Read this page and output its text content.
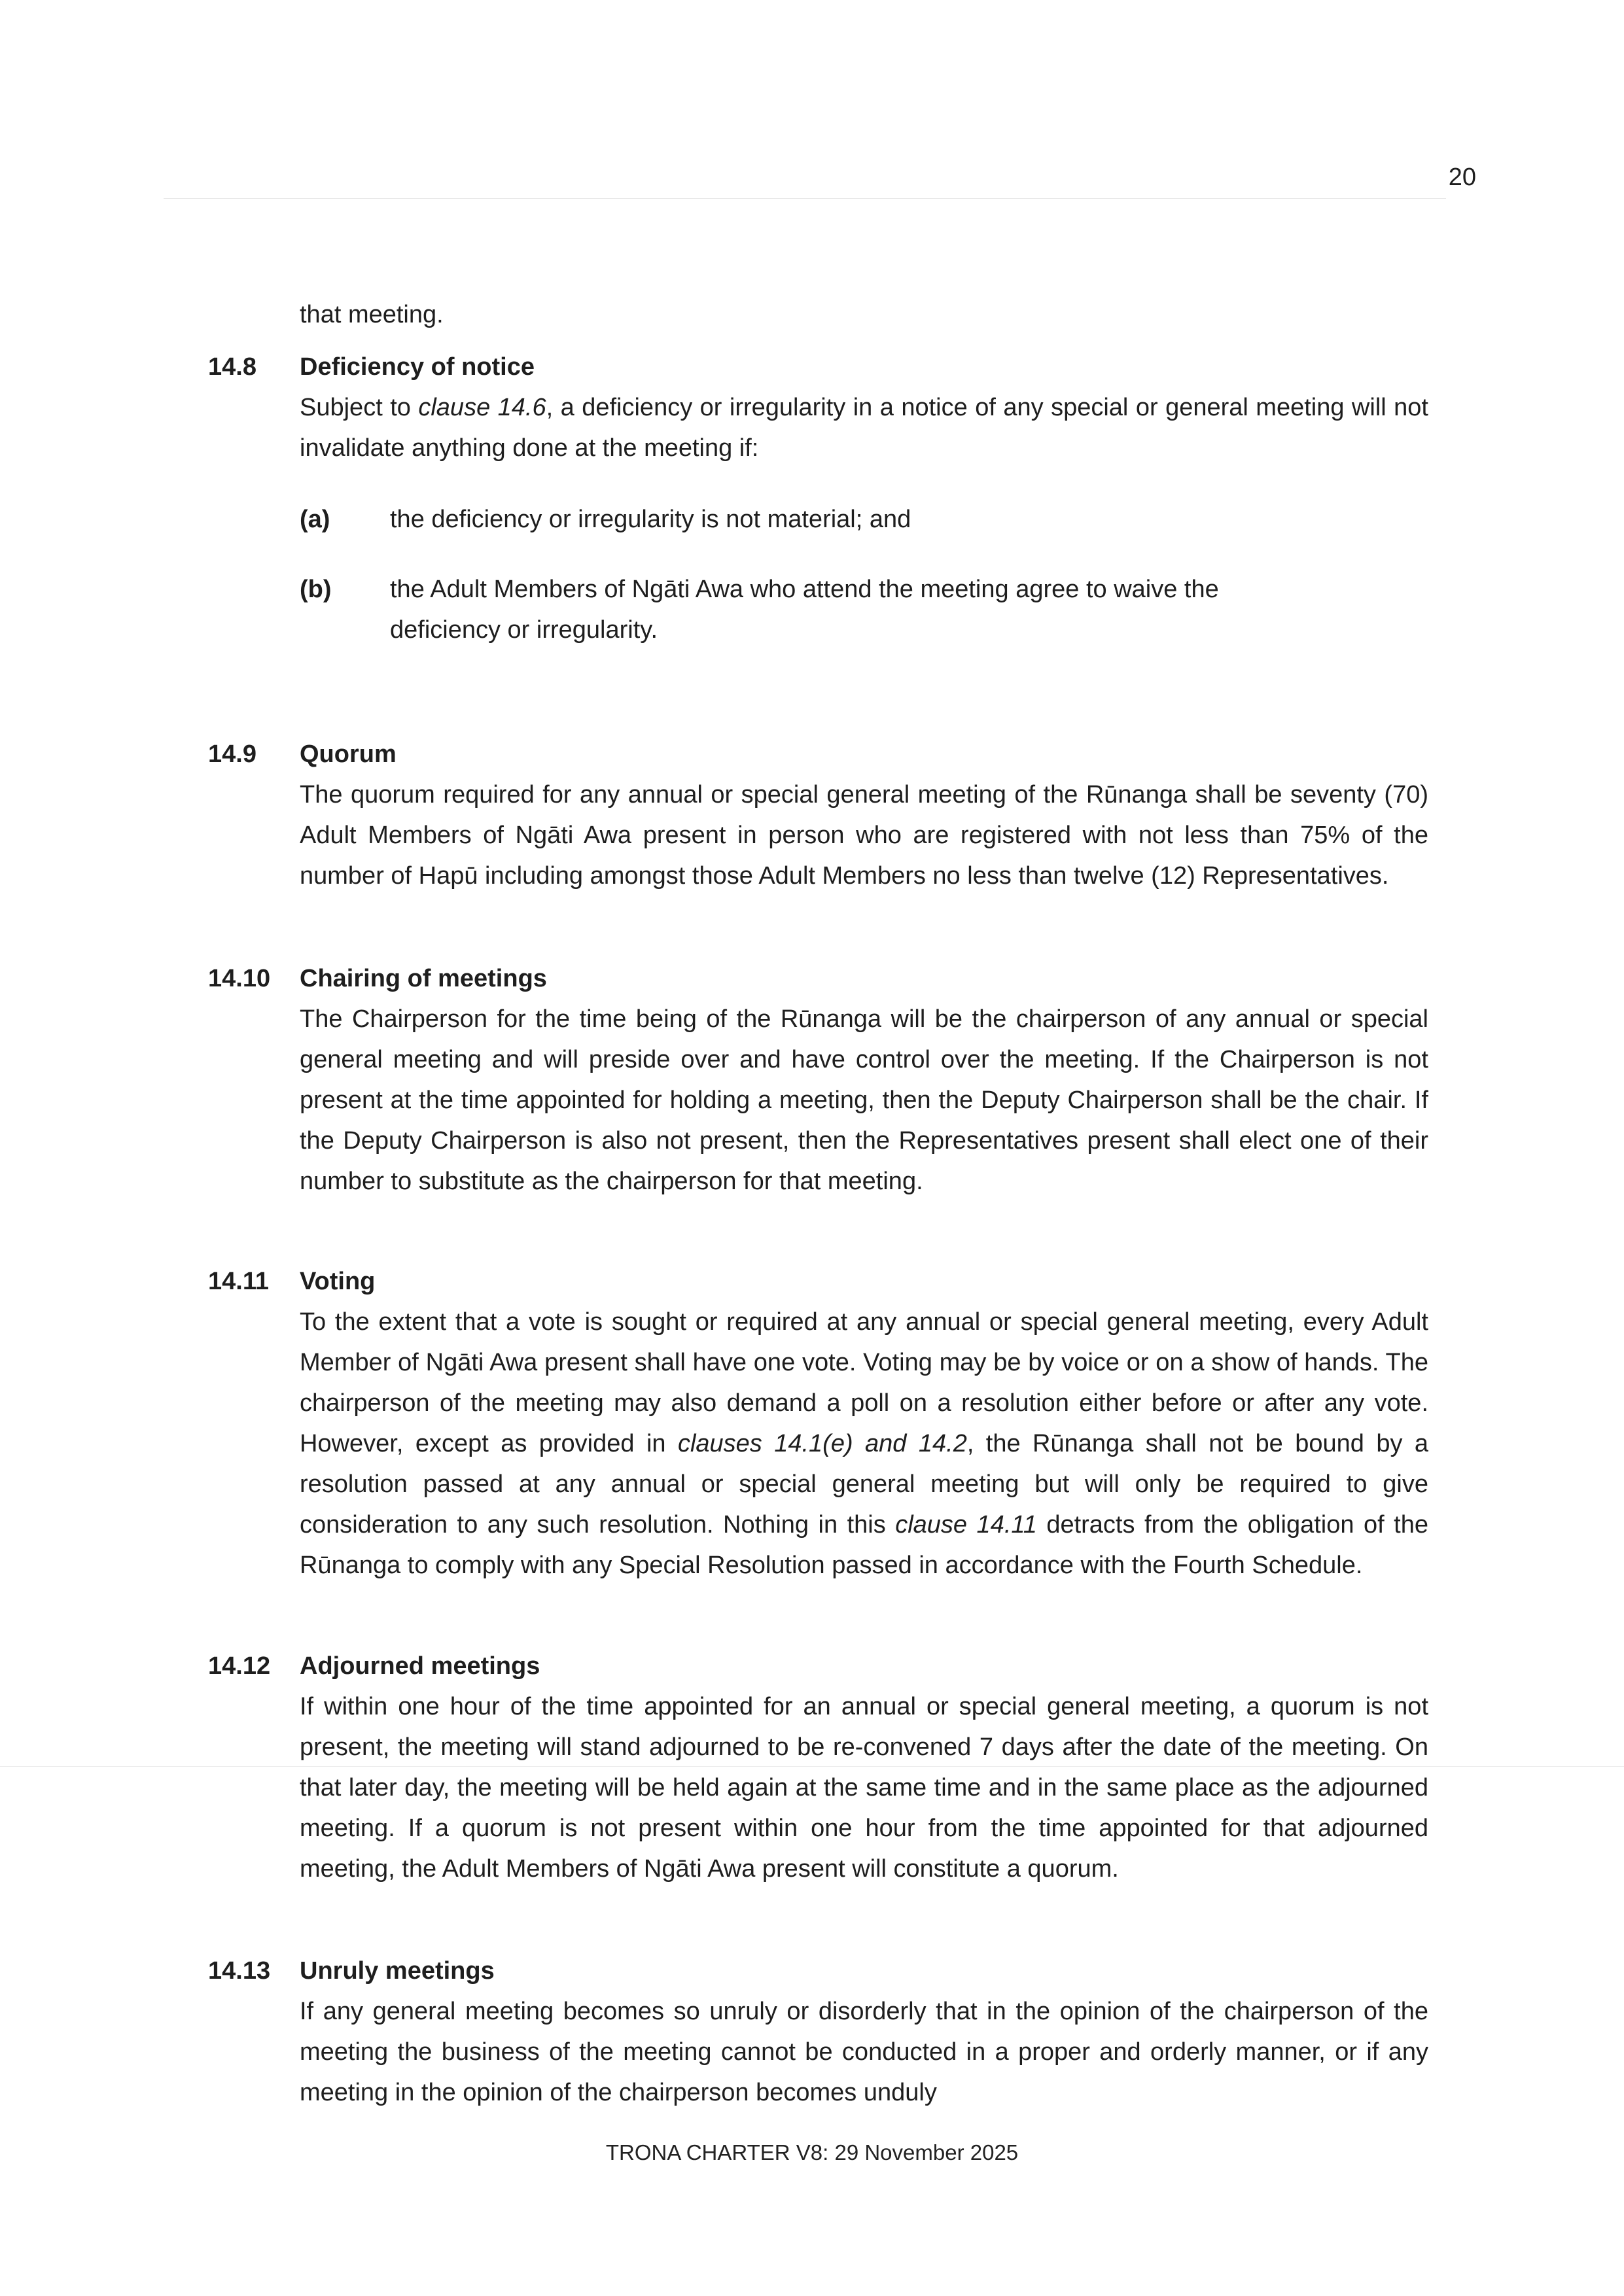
20
that meeting.
14.8 Deficiency of notice
Subject to clause 14.6, a deficiency or irregularity in a notice of any special or general meeting will not invalidate anything done at the meeting if:
(a) the deficiency or irregularity is not material; and
(b) the Adult Members of Ngāti Awa who attend the meeting agree to waive the deficiency or irregularity.
14.9 Quorum
The quorum required for any annual or special general meeting of the Rūnanga shall be seventy (70) Adult Members of Ngāti Awa present in person who are registered with not less than 75% of the number of Hapū including amongst those Adult Members no less than twelve (12) Representatives.
14.10 Chairing of meetings
The Chairperson for the time being of the Rūnanga will be the chairperson of any annual or special general meeting and will preside over and have control over the meeting. If the Chairperson is not present at the time appointed for holding a meeting, then the Deputy Chairperson shall be the chair. If the Deputy Chairperson is also not present, then the Representatives present shall elect one of their number to substitute as the chairperson for that meeting.
14.11 Voting
To the extent that a vote is sought or required at any annual or special general meeting, every Adult Member of Ngāti Awa present shall have one vote. Voting may be by voice or on a show of hands. The chairperson of the meeting may also demand a poll on a resolution either before or after any vote. However, except as provided in clauses 14.1(e) and 14.2, the Rūnanga shall not be bound by a resolution passed at any annual or special general meeting but will only be required to give consideration to any such resolution. Nothing in this clause 14.11 detracts from the obligation of the Rūnanga to comply with any Special Resolution passed in accordance with the Fourth Schedule.
14.12 Adjourned meetings
If within one hour of the time appointed for an annual or special general meeting, a quorum is not present, the meeting will stand adjourned to be re-convened 7 days after the date of the meeting. On that later day, the meeting will be held again at the same time and in the same place as the adjourned meeting. If a quorum is not present within one hour from the time appointed for that adjourned meeting, the Adult Members of Ngāti Awa present will constitute a quorum.
14.13 Unruly meetings
If any general meeting becomes so unruly or disorderly that in the opinion of the chairperson of the meeting the business of the meeting cannot be conducted in a proper and orderly manner, or if any meeting in the opinion of the chairperson becomes unduly
TRONA CHARTER V8: 29 November 2025
